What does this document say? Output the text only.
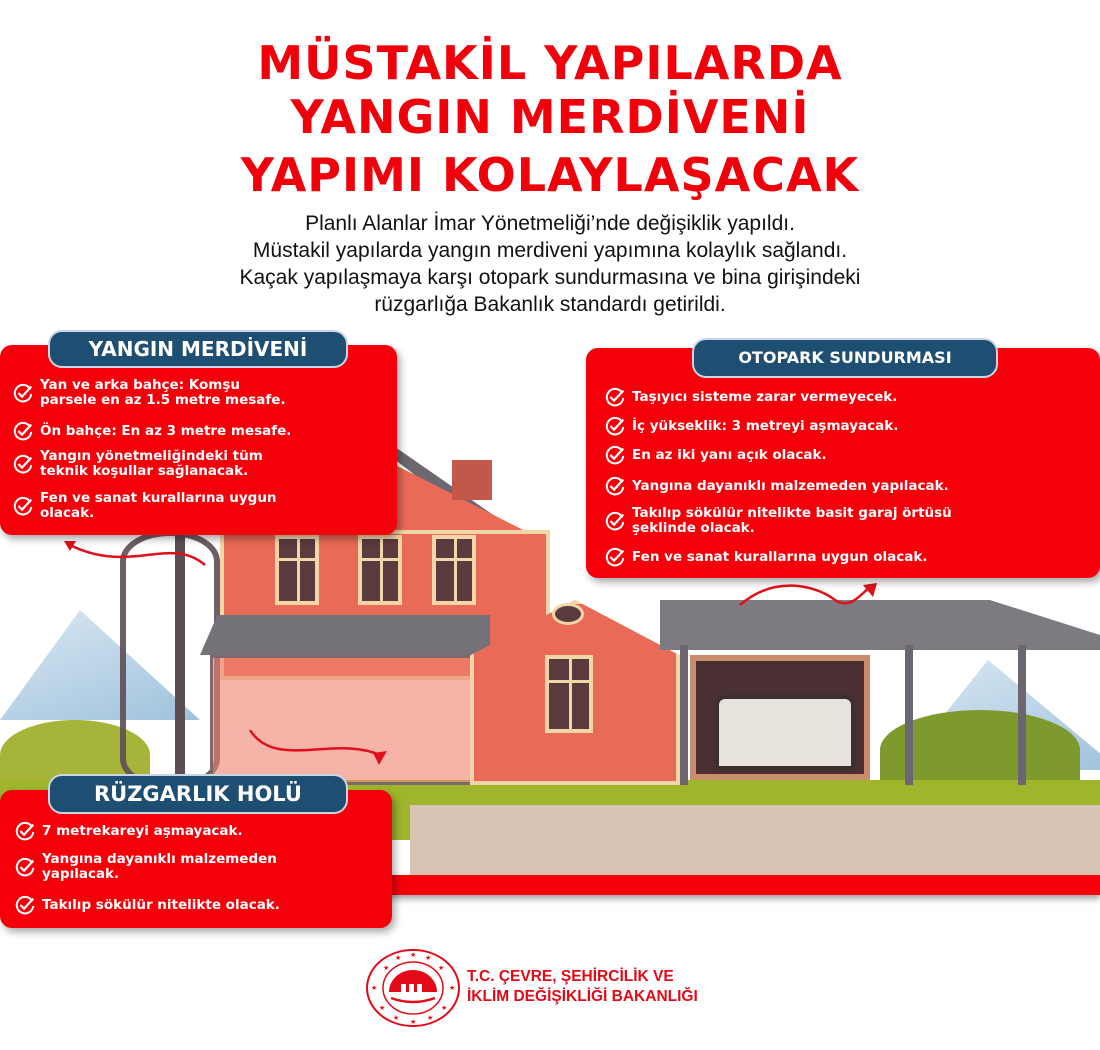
MÜSTAKİL YAPILARDA
YANGIN MERDİVENİ
YAPIMI KOLAYLAŞACAK
Planlı Alanlar İmar Yönetmeliği’nde değişiklik yapıldı.
Müstakil yapılarda yangın merdiveni yapımına kolaylık sağlandı.
Kaçak yapılaşmaya karşı otopark sundurmasına ve bina girişindeki
rüzgarlığa Bakanlık standardı getirildi.
Yan ve arka bahçe: Komşu
parsele en az 1.5 metre mesafe.
Ön bahçe: En az 3 metre mesafe.
Yangın yönetmeliğindeki tüm
teknik koşullar sağlanacak.
Fen ve sanat kurallarına uygun
olacak.
YANGIN MERDİVENİ
Taşıyıcı sisteme zarar vermeyecek.
İç yükseklik: 3 metreyi aşmayacak.
En az iki yanı açık olacak.
Yangına dayanıklı malzemeden yapılacak.
Takılıp sökülür nitelikte basit garaj örtüsü
şeklinde olacak.
Fen ve sanat kurallarına uygun olacak.
OTOPARK SUNDURMASI
7 metrekareyi aşmayacak.
Yangına dayanıklı malzemeden
yapılacak.
Takılıp sökülür nitelikte olacak.
RÜZGARLIK HOLÜ
★
★ ★ ★
★
★	★
★
★ ★ ★
★
T.C. ÇEVRE, ŞEHİRCİLİK VE
İKLİM DEĞİŞİKLİĞİ BAKANLIĞI
